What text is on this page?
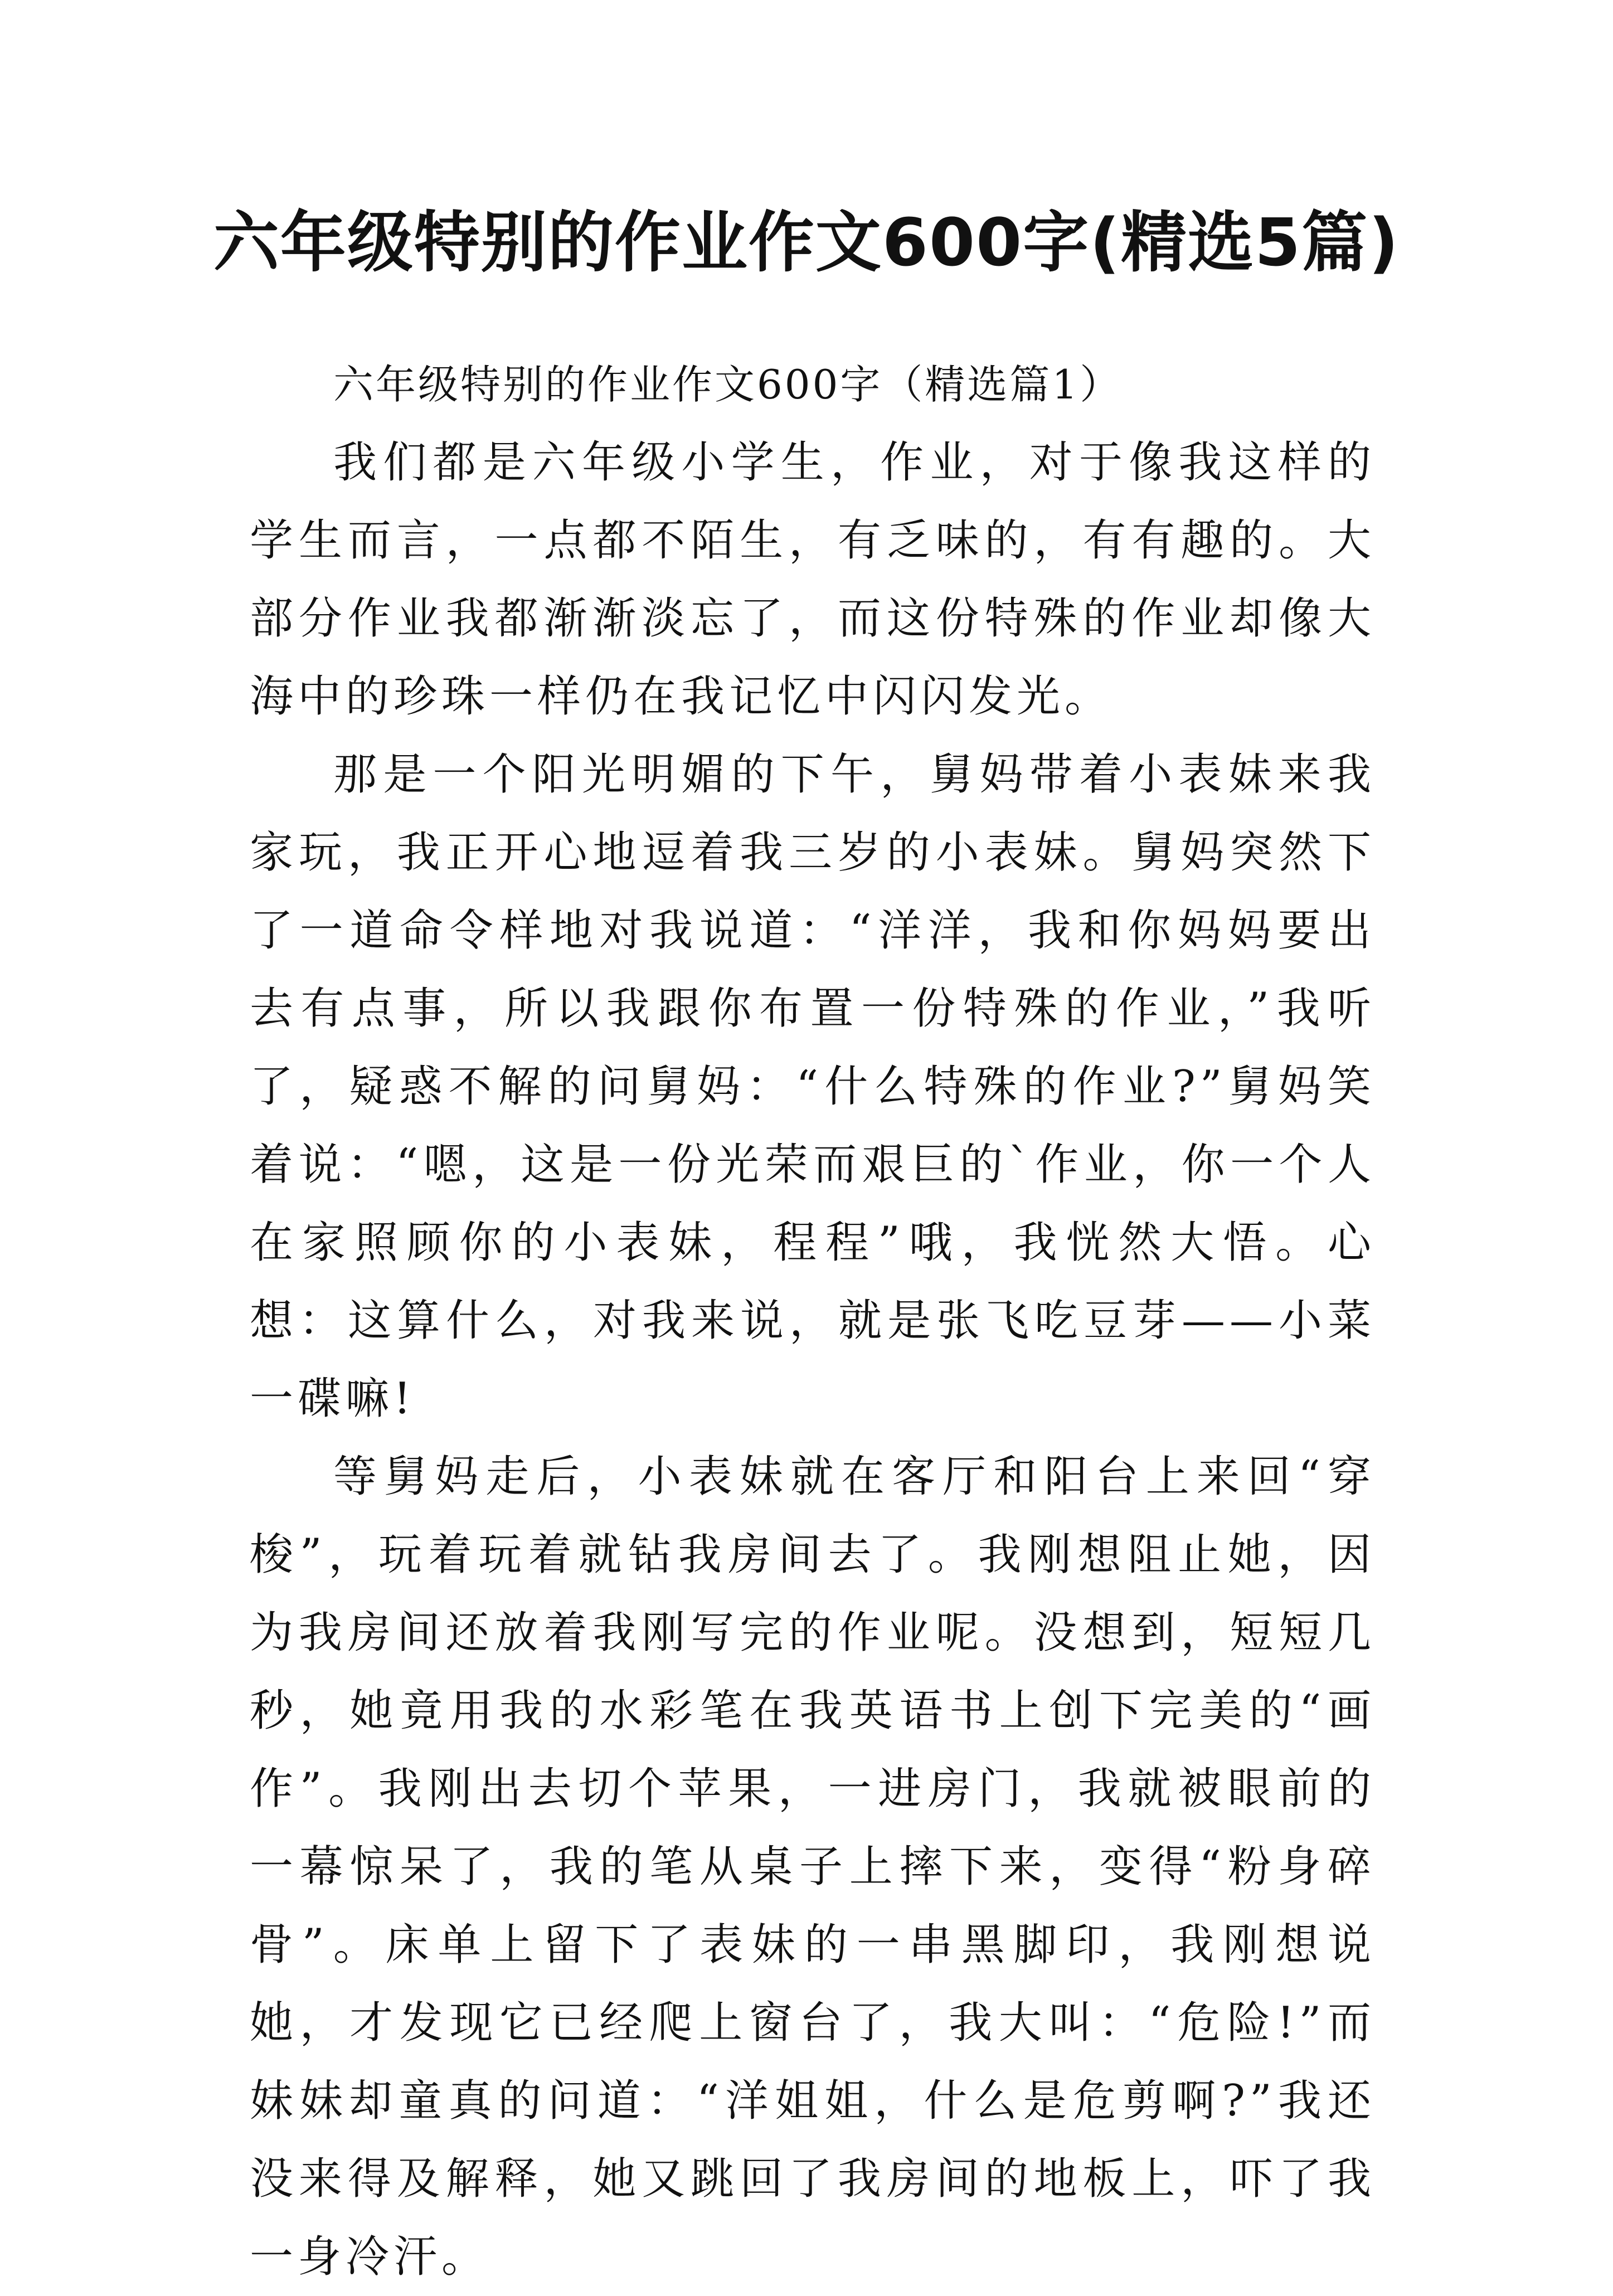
六年级特别的作业作文600字(精选5篇)

六年级特别的作业作文600字（精选篇1）

我们都是六年级小学生，作业，对于像我这样的学生而言，一点都不陌生，有乏味的，有有趣的。大部分作业我都渐渐淡忘了，而这份特殊的作业却像大海中的珍珠一样仍在我记忆中闪闪发光。

那是一个阳光明媚的下午，舅妈带着小表妹来我家玩，我正开心地逗着我三岁的小表妹。舅妈突然下了一道命令样地对我说道：“洋洋，我和你妈妈要出去有点事，所以我跟你布置一份特殊的作业，”我听了，疑惑不解的问舅妈：“什么特殊的作业?”舅妈笑着说：“嗯，这是一份光荣而艰巨的`作业，你一个人在家照顾你的小表妹，程程”哦，我恍然大悟。心想：这算什么，对我来说，就是张飞吃豆芽——小菜一碟嘛!

等舅妈走后，小表妹就在客厅和阳台上来回“穿梭”，玩着玩着就钻我房间去了。我刚想阻止她，因为我房间还放着我刚写完的作业呢。没想到，短短几秒，她竟用我的水彩笔在我英语书上创下完美的“画作”。我刚出去切个苹果，一进房门，我就被眼前的一幕惊呆了，我的笔从桌子上摔下来，变得“粉身碎骨”。床单上留下了表妹的一串黑脚印，我刚想说她，才发现它已经爬上窗台了，我大叫：“危险!”而妹妹却童真的问道：“洋姐姐，什么是危剪啊?”我还没来得及解释，她又跳回了我房间的地板上，吓了我一身冷汗。
